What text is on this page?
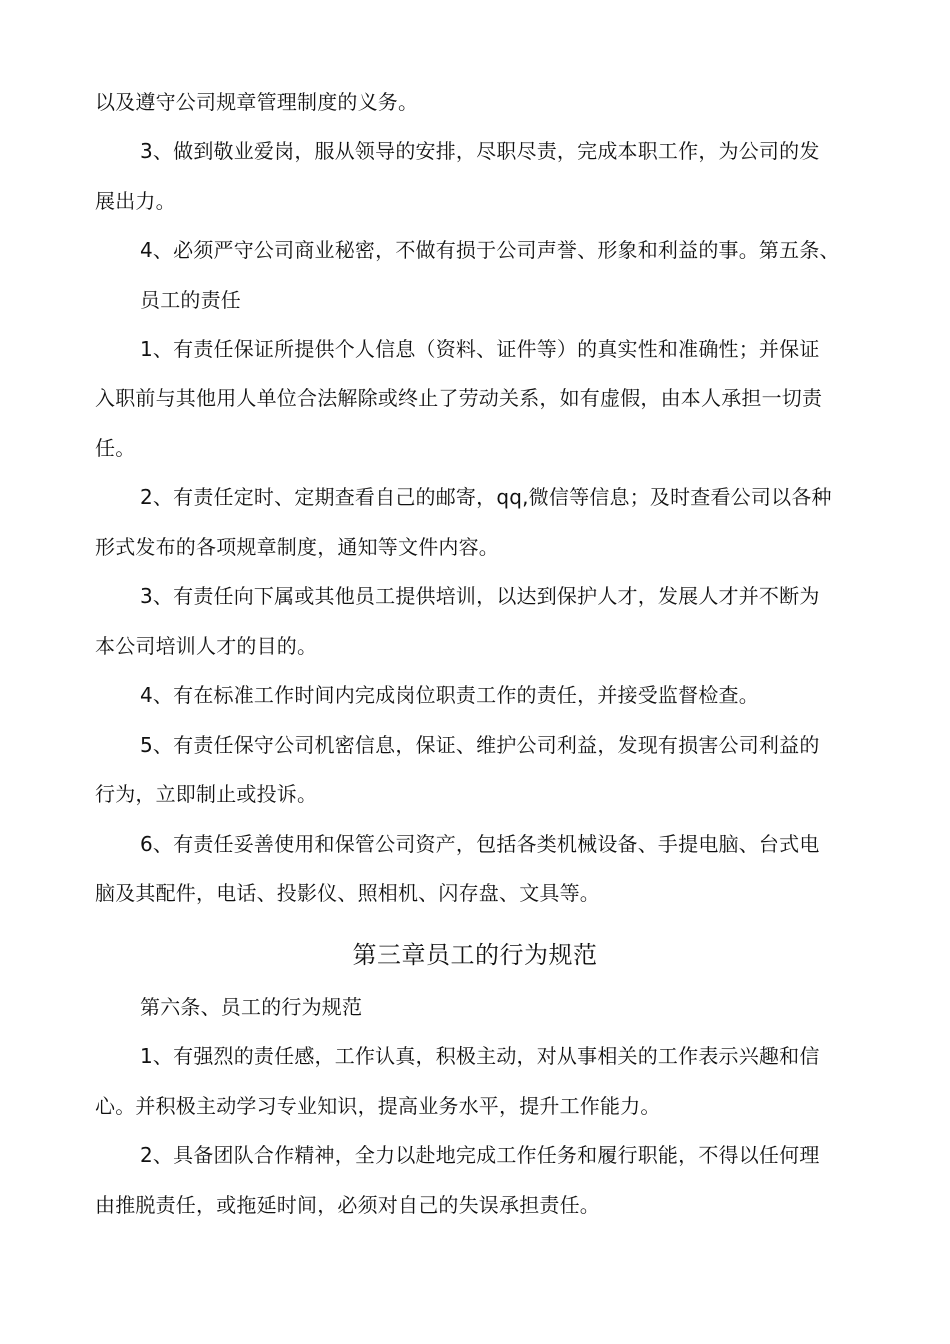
以及遵守公司规章管理制度的义务。
3、做到敬业爱岗，服从领导的安排，尽职尽责，完成本职工作，为公司的发
展出力。
4、必须严守公司商业秘密，不做有损于公司声誉、形象和利益的事。第五条、
员工的责任
1、有责任保证所提供个人信息（资料、证件等）的真实性和准确性；并保证
入职前与其他用人单位合法解除或终止了劳动关系，如有虚假，由本人承担一切责
任。
2、有责任定时、定期查看自己的邮寄，qq,微信等信息；及时查看公司以各种
形式发布的各项规章制度，通知等文件内容。
3、有责任向下属或其他员工提供培训，以达到保护人才，发展人才并不断为
本公司培训人才的目的。
4、有在标准工作时间内完成岗位职责工作的责任，并接受监督检查。
5、有责任保守公司机密信息，保证、维护公司利益，发现有损害公司利益的
行为，立即制止或投诉。
6、有责任妥善使用和保管公司资产，包括各类机械设备、手提电脑、台式电
脑及其配件，电话、投影仪、照相机、闪存盘、文具等。
第三章员工的行为规范
第六条、员工的行为规范
1、有强烈的责任感，工作认真，积极主动，对从事相关的工作表示兴趣和信
心。并积极主动学习专业知识，提高业务水平，提升工作能力。
2、具备团队合作精神，全力以赴地完成工作任务和履行职能，不得以任何理
由推脱责任，或拖延时间，必须对自己的失误承担责任。
